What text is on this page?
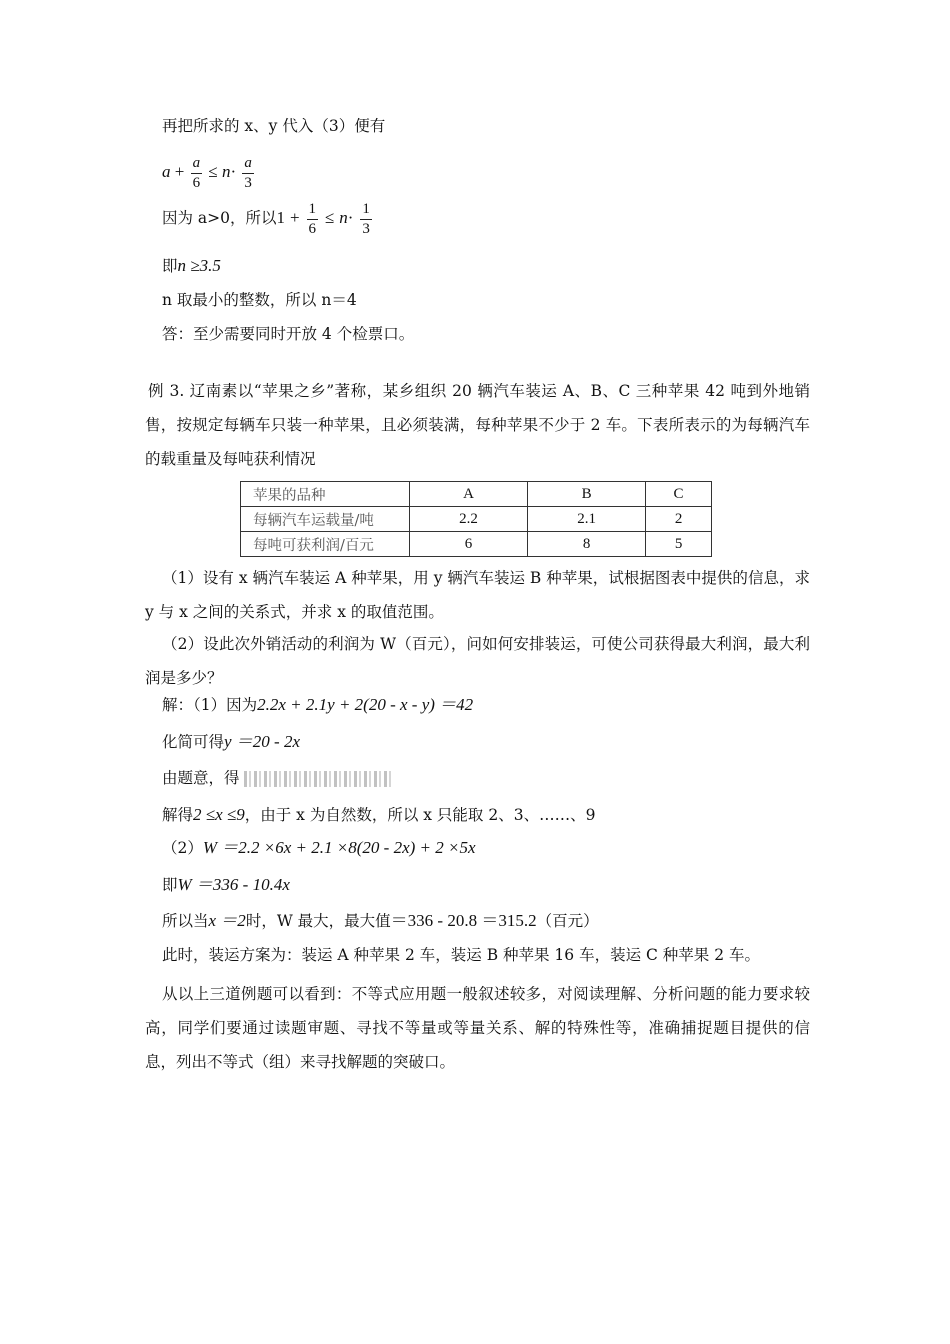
再把所求的 x、y 代入（3）便有
$a + \frac{a}{6} \le n\cdot \frac{a}{3}$
因为 a>0，所以$1 + \frac{1}{6} \le n\cdot \frac{1}{3}$
即n ≥3.5
n 取最小的整数，所以 n＝4
答：至少需要同时开放 4 个检票口。
例 3. 辽南素以“苹果之乡”著称，某乡组织 20 辆汽车装运 A、B、C 三种苹果 42 吨到外地销售，按规定每辆车只装一种苹果，且必须装满，每种苹果不少于 2 车。下表所表示的为每辆汽车的载重量及每吨获利情况
苹果的品种	A	B	C
每辆汽车运载量/吨	2.2	2.1	2
每吨可获利润/百元	6	8	5
（1）设有 x 辆汽车装运 A 种苹果，用 y 辆汽车装运 B 种苹果，试根据图表中提供的信息，求 y 与 x 之间的关系式，并求 x 的取值范围。
（2）设此次外销活动的利润为 W（百元），问如何安排装运，可使公司获得最大利润，最大利润是多少？
解：（1）因为2.2x + 2.1y + 2(20 - x - y) ＝42
化简可得y ＝20 - 2x
由题意，得
解得2 ≤x ≤9，由于 x 为自然数，所以 x 只能取 2、3、……、9
（2）W ＝2.2 ×6x + 2.1 ×8(20 - 2x) + 2 ×5x
即W ＝336 - 10.4x
所以当x ＝2时，W 最大，最大值＝336 - 20.8 ＝315.2（百元）
此时，装运方案为：装运 A 种苹果 2 车，装运 B 种苹果 16 车，装运 C 种苹果 2 车。
从以上三道例题可以看到：不等式应用题一般叙述较多，对阅读理解、分析问题的能力要求较高，同学们要通过读题审题、寻找不等量或等量关系、解的特殊性等，准确捕捉题目提供的信息，列出不等式（组）来寻找解题的突破口。
